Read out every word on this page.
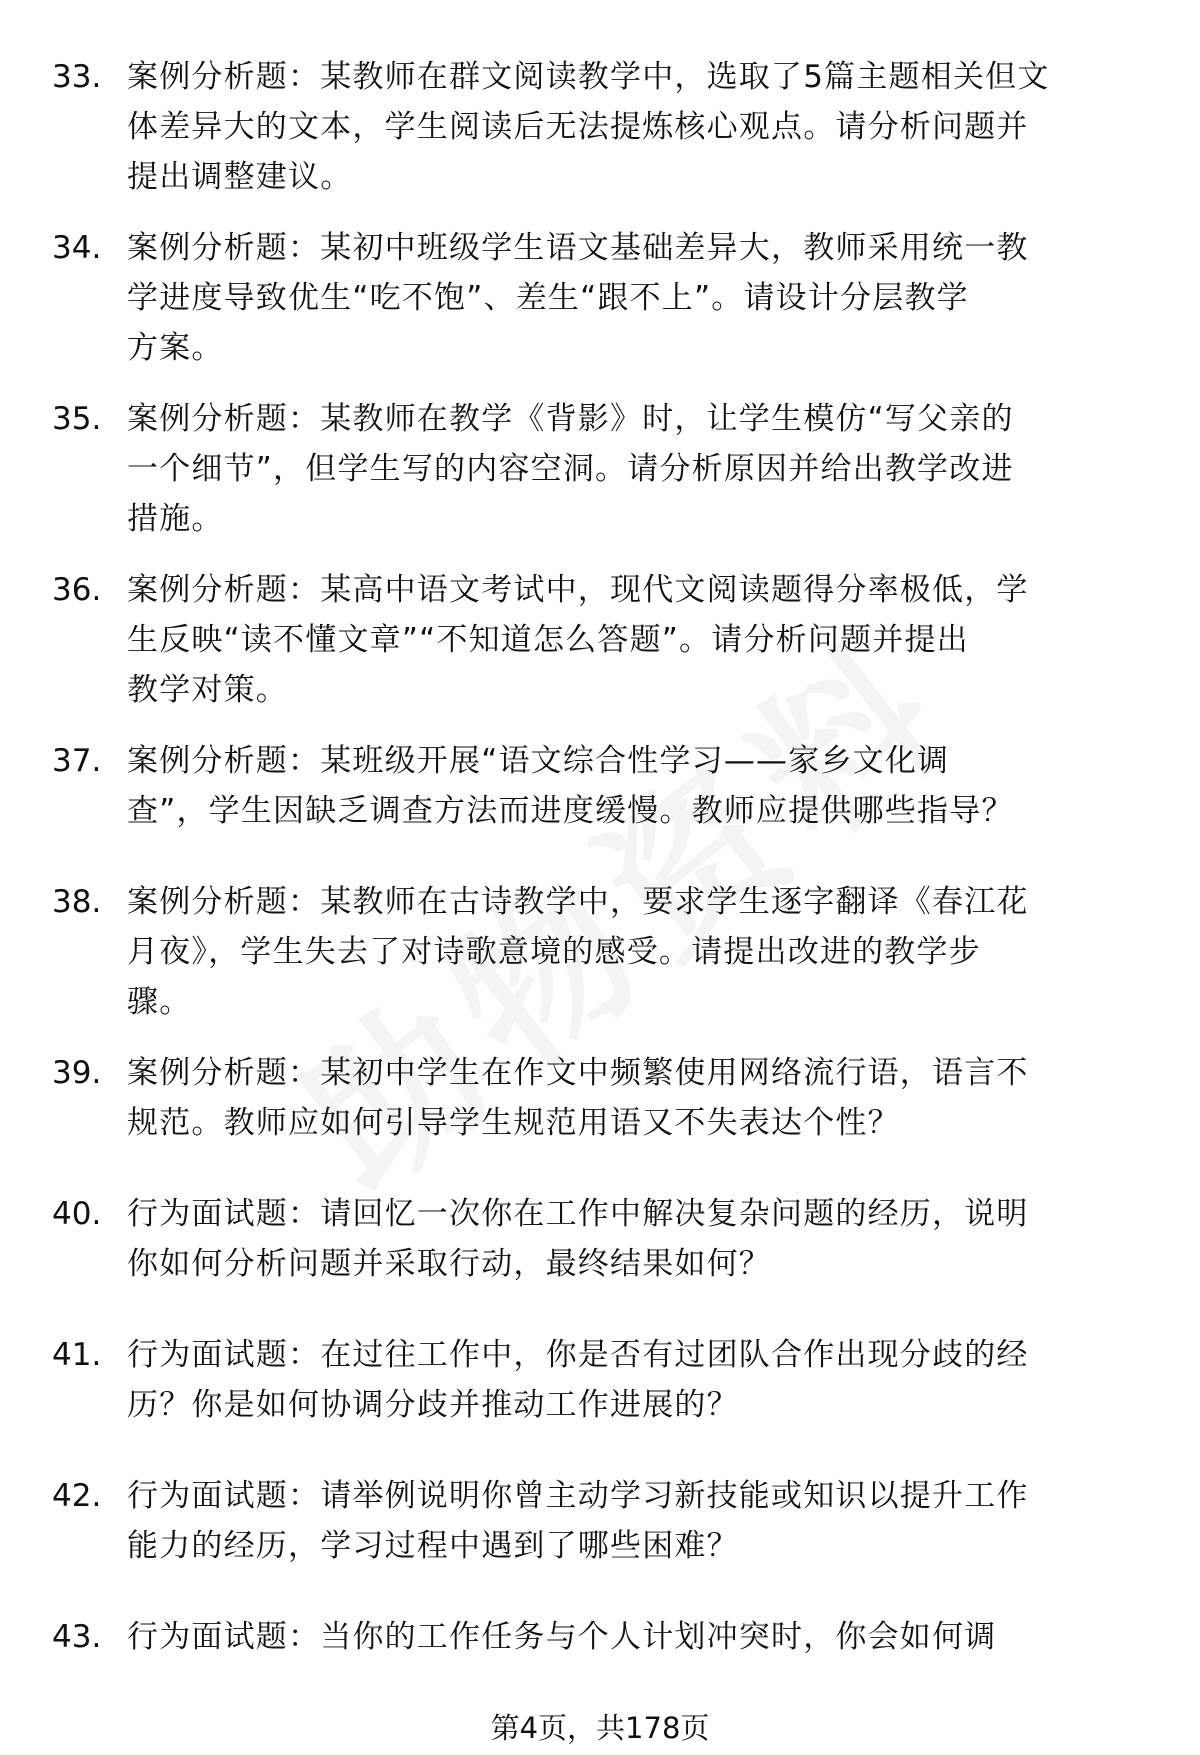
33. 案例分析题：某教师在群文阅读教学中，选取了5篇主题相关但文
体差异大的文本，学生阅读后无法提炼核心观点。请分析问题并
提出调整建议。
34. 案例分析题：某初中班级学生语文基础差异大，教师采用统一教
学进度导致优生“吃不饱”、差生“跟不上”。请设计分层教学
方案。
35. 案例分析题：某教师在教学《背影》时，让学生模仿“写父亲的
一个细节”，但学生写的内容空洞。请分析原因并给出教学改进
措施。
36. 案例分析题：某高中语文考试中，现代文阅读题得分率极低，学
生反映“读不懂文章”“不知道怎么答题”。请分析问题并提出
教学对策。
37. 案例分析题：某班级开展“语文综合性学习——家乡文化调
查”，学生因缺乏调查方法而进度缓慢。教师应提供哪些指导？
38. 案例分析题：某教师在古诗教学中，要求学生逐字翻译《春江花
月夜》，学生失去了对诗歌意境的感受。请提出改进的教学步
骤。
39. 案例分析题：某初中学生在作文中频繁使用网络流行语，语言不
规范。教师应如何引导学生规范用语又不失表达个性？
40. 行为面试题：请回忆一次你在工作中解决复杂问题的经历，说明
你如何分析问题并采取行动，最终结果如何？
41. 行为面试题：在过往工作中，你是否有过团队合作出现分歧的经
历？你是如何协调分歧并推动工作进展的？
42. 行为面试题：请举例说明你曾主动学习新技能或知识以提升工作
能力的经历，学习过程中遇到了哪些困难？
43. 行为面试题：当你的工作任务与个人计划冲突时，你会如何调
第4页，共178页
